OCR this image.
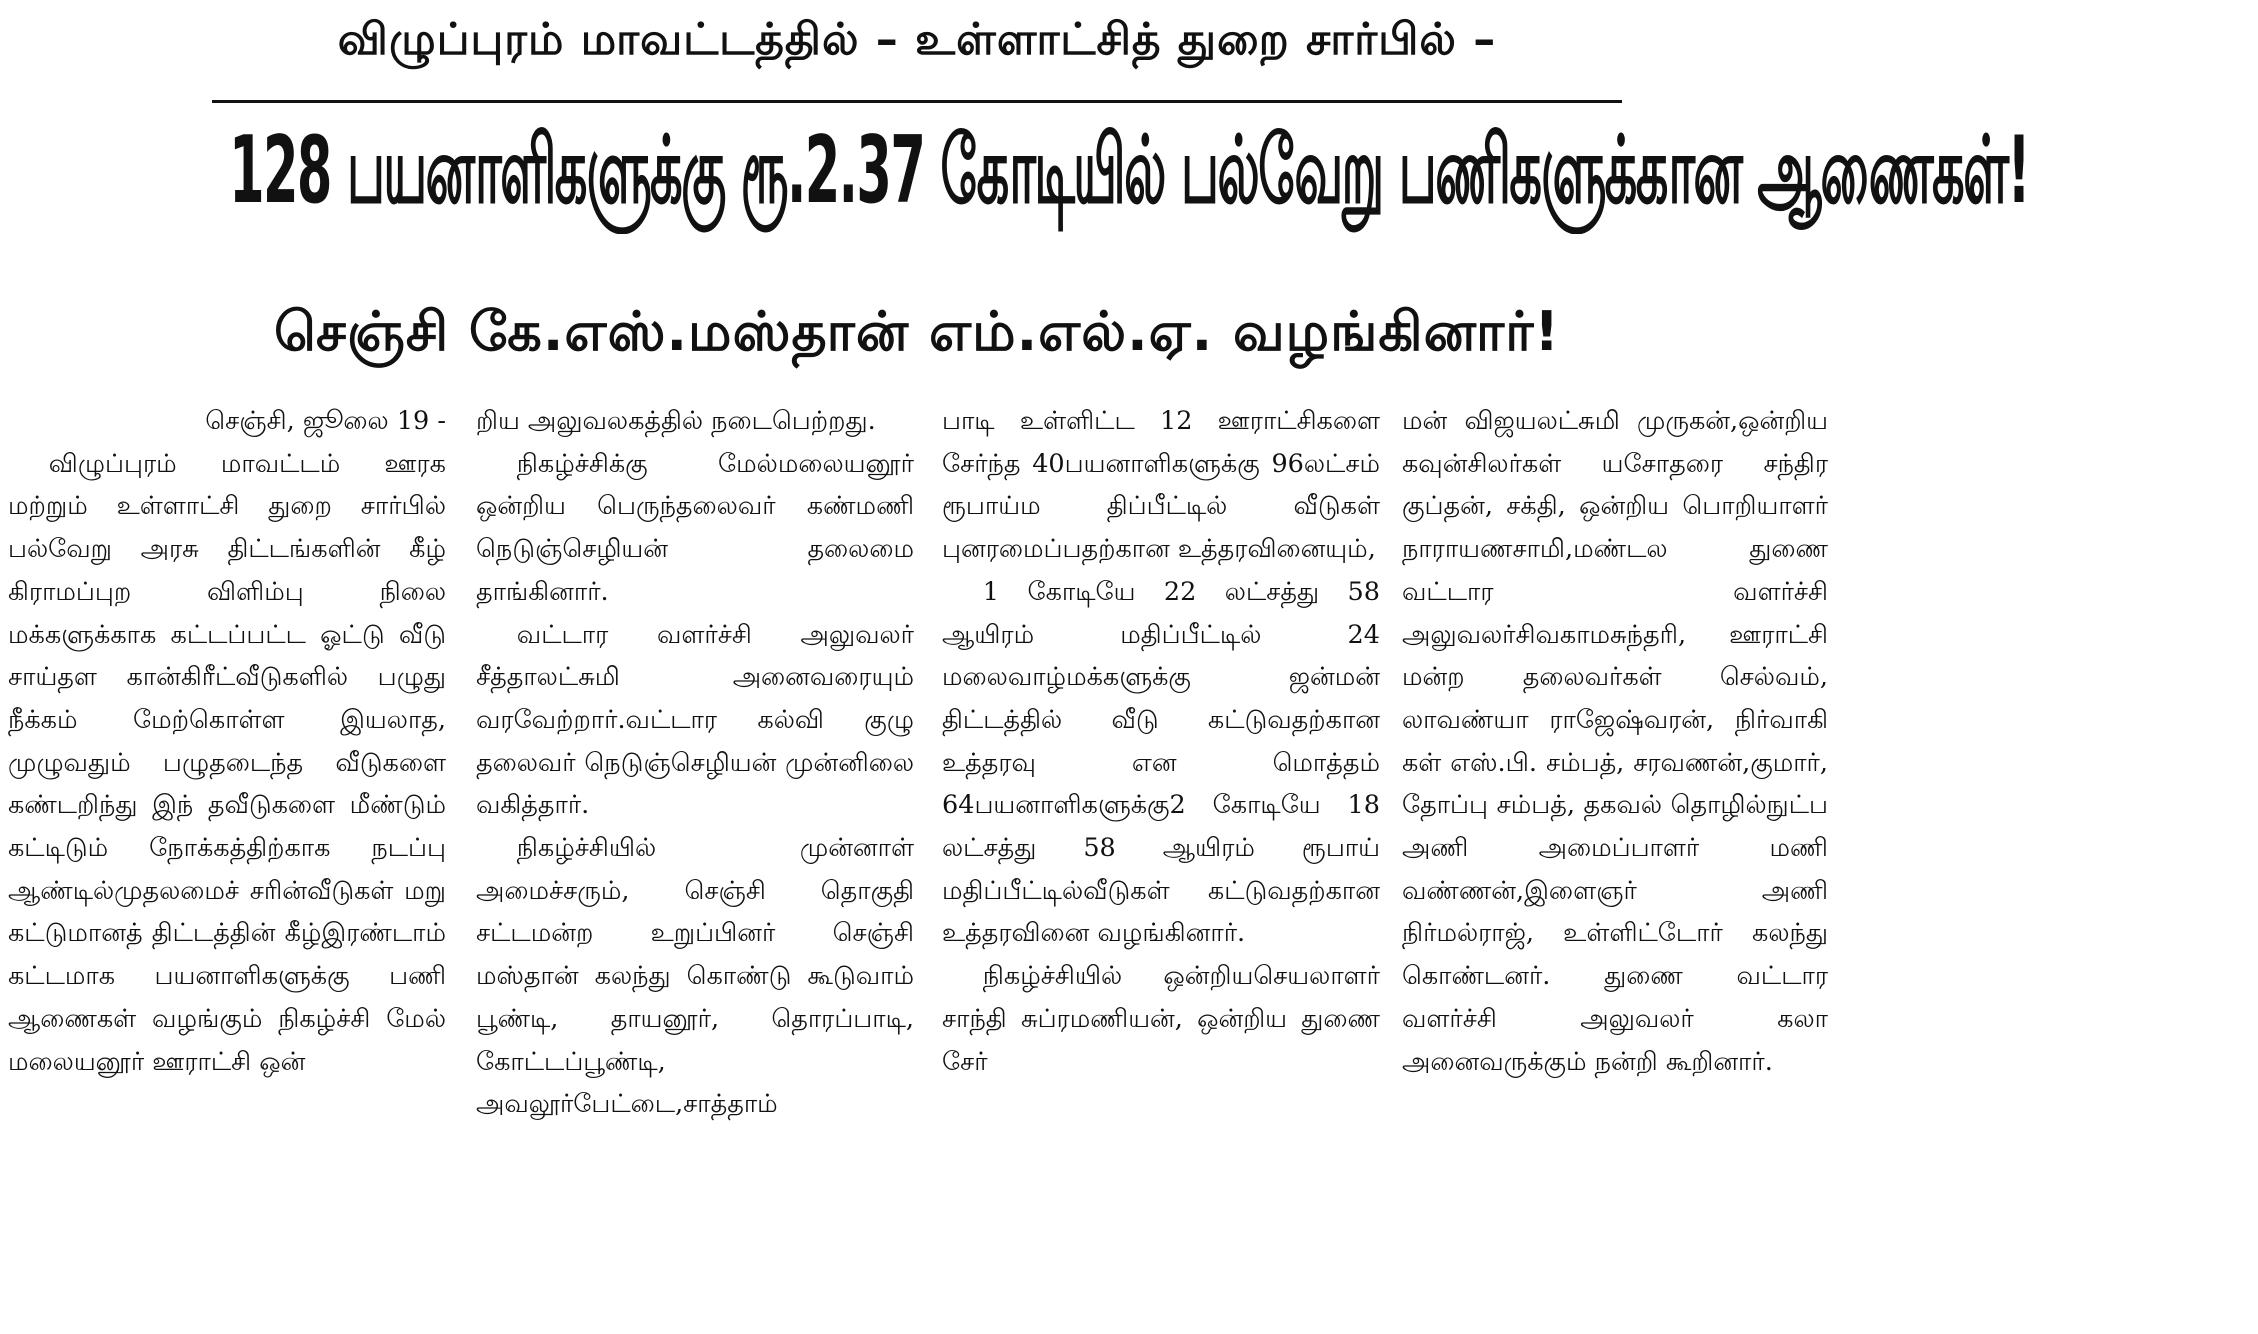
விழுப்புரம் மாவட்டத்தில் – உள்ளாட்சித் துறை சார்பில் –
128 பயனாளிகளுக்கு ரூ.2.37 கோடியில் பல்வேறு பணிகளுக்கான ஆணைகள்!
செஞ்சி கே.எஸ்.மஸ்தான் எம்.எல்.ஏ. வழங்கினார்!

செஞ்சி, ஜூலை 19 -

விழுப்புரம் மாவட்டம் ஊரக மற்றும் உள்ளாட்சி துறை சார்பில் பல்வேறு அரசு திட்டங்களின் கீழ் கிராமப்புற விளிம்பு நிலை மக்களுக்காக கட்டப்பட்ட ஓட்டு வீடு சாய்தள கான்கிரீட்வீடுகளில் பழுது நீக்கம் மேற்கொள்ள இயலாத, முழுவதும் பழுதடைந்த வீடுகளை கண்டறிந்து இந் தவீடுகளை மீண்டும் கட்டிடும் நோக்கத்திற்காக நடப்பு ஆண்டில்முதலமைச் சரின்வீடுகள் மறு கட்டுமானத் திட்டத்தின் கீழ்இரண்டாம் கட்டமாக பயனாளிகளுக்கு பணி ஆணைகள் வழங்கும் நிகழ்ச்சி மேல் மலையனூர் ஊராட்சி ஒன்

றிய அலுவலகத்தில் நடைபெற்றது.

நிகழ்ச்சிக்கு மேல்மலையனூர் ஒன்றிய பெருந்தலைவர் கண்மணி நெடுஞ்செழியன் தலைமை தாங்கினார்.

வட்டார வளர்ச்சி அலுவலர் சீத்தாலட்சுமி அனைவரையும் வரவேற்றார்.வட்டார கல்வி குழு தலைவர் நெடுஞ்செழியன் முன்னிலை வகித்தார்.

நிகழ்ச்சியில் முன்னாள் அமைச்சரும், செஞ்சி தொகுதி சட்டமன்ற உறுப்பினர் செஞ்சி மஸ்தான் கலந்து கொண்டு கூடுவாம் பூண்டி, தாயனூர், தொரப்பாடி, கோட்டப்பூண்டி, அவலூர்பேட்டை,சாத்தாம்

பாடி உள்ளிட்ட 12 ஊராட்சிகளை சேர்ந்த 40பயனாளிகளுக்கு 96லட்சம் ரூபாய்ம திப்பீட்டில் வீடுகள் புனரமைப்பதற்கான உத்தரவினையும்,

1 கோடியே 22 லட்சத்து 58 ஆயிரம் மதிப்பீட்டில் 24 மலைவாழ்மக்களுக்கு ஜன்மன் திட்டத்தில் வீடு கட்டுவதற்கான உத்தரவு என மொத்தம் 64பயனாளிகளுக்கு2 கோடியே 18 லட்சத்து 58 ஆயிரம் ரூபாய் மதிப்பீட்டில்வீடுகள் கட்டுவதற்கான உத்தரவினை வழங்கினார்.

நிகழ்ச்சியில் ஒன்றியசெயலாளர் சாந்தி சுப்ரமணியன், ஒன்றிய துணை சேர்

மன் விஜயலட்சுமி முருகன்,ஒன்றிய கவுன்சிலர்கள் யசோதரை சந்திர குப்தன், சக்தி, ஒன்றிய பொறியாளர் நாராயணசாமி,மண்டல துணை வட்டார வளர்ச்சி அலுவலர்சிவகாமசுந்தரி, ஊராட்சி மன்ற தலைவர்கள் செல்வம், லாவண்யா ராஜேஷ்வரன், நிர்வாகி கள் எஸ்.பி. சம்பத், சரவணன்,குமார், தோப்பு சம்பத், தகவல் தொழில்நுட்ப அணி அமைப்பாளர் மணி வண்ணன்,இளைஞர் அணி நிர்மல்ராஜ், உள்ளிட்டோர் கலந்து கொண்டனர். துணை வட்டார வளர்ச்சி அலுவலர் கலா அனைவருக்கும் நன்றி கூறினார்.
